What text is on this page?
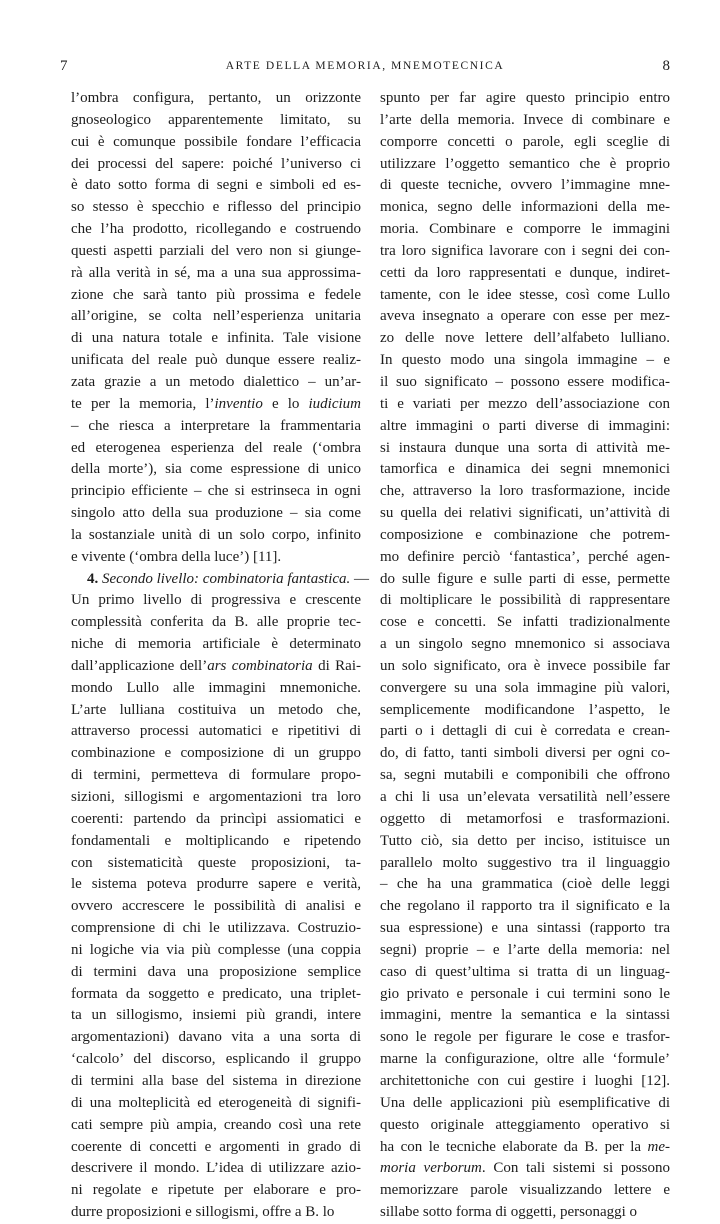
7	ARTE DELLA MEMORIA, MNEMOTECNICA	8
l’ombra configura, pertanto, un orizzonte
gnoseologico apparentemente limitato, su
cui è comunque possibile fondare l’efficacia
dei processi del sapere: poiché l’universo ci
è dato sotto forma di segni e simboli ed es-
so stesso è specchio e riflesso del principio
che l’ha prodotto, ricollegando e costruendo
questi aspetti parziali del vero non si giunge-
rà alla verità in sé, ma a una sua approssima-
zione che sarà tanto più prossima e fedele
all’origine, se colta nell’esperienza unitaria
di una natura totale e infinita. Tale visione
unificata del reale può dunque essere realiz-
zata grazie a un metodo dialettico – un’ar-
te per la memoria, l’inventio e lo iudicium
– che riesca a interpretare la frammentaria
ed eterogenea esperienza del reale (‘ombra
della morte’), sia come espressione di unico
principio efficiente – che si estrinseca in ogni
singolo atto della sua produzione – sia come
la sostanziale unità di un solo corpo, infinito
e vivente (‘ombra della luce’) [11].
4. Secondo livello: combinatoria fantastica. —
Un primo livello di progressiva e crescente
complessità conferita da B. alle proprie tec-
niche di memoria artificiale è determinato
dall’applicazione dell’ars combinatoria di Rai-
mondo Lullo alle immagini mnemoniche.
L’arte lulliana costituiva un metodo che,
attraverso processi automatici e ripetitivi di
combinazione e composizione di un gruppo
di termini, permetteva di formulare propo-
sizioni, sillogismi e argomentazioni tra loro
coerenti: partendo da princìpi assiomatici e
fondamentali e moltiplicando e ripetendo
con sistematicità queste proposizioni, ta-
le sistema poteva produrre sapere e verità,
ovvero accrescere le possibilità di analisi e
comprensione di chi le utilizzava. Costruzio-
ni logiche via via più complesse (una coppia
di termini dava una proposizione semplice
formata da soggetto e predicato, una triplet-
ta un sillogismo, insiemi più grandi, intere
argomentazioni) davano vita a una sorta di
‘calcolo’ del discorso, esplicando il gruppo
di termini alla base del sistema in direzione
di una molteplicità ed eterogeneità di signifi-
cati sempre più ampia, creando così una rete
coerente di concetti e argomenti in grado di
descrivere il mondo. L’idea di utilizzare azio-
ni regolate e ripetute per elaborare e pro-
durre proposizioni e sillogismi, offre a B. lo
spunto per far agire questo principio entro
l’arte della memoria. Invece di combinare e
comporre concetti o parole, egli sceglie di
utilizzare l’oggetto semantico che è proprio
di queste tecniche, ovvero l’immagine mne-
monica, segno delle informazioni della me-
moria. Combinare e comporre le immagini
tra loro significa lavorare con i segni dei con-
cetti da loro rappresentati e dunque, indiret-
tamente, con le idee stesse, così come Lullo
aveva insegnato a operare con esse per mez-
zo delle nove lettere dell’alfabeto lulliano.
In questo modo una singola immagine – e
il suo significato – possono essere modifica-
ti e variati per mezzo dell’associazione con
altre immagini o parti diverse di immagini:
si instaura dunque una sorta di attività me-
tamorfica e dinamica dei segni mnemonici
che, attraverso la loro trasformazione, incide
su quella dei relativi significati, un’attività di
composizione e combinazione che potrem-
mo definire perciò ‘fantastica’, perché agen-
do sulle figure e sulle parti di esse, permette
di moltiplicare le possibilità di rappresentare
cose e concetti. Se infatti tradizionalmente
a un singolo segno mnemonico si associava
un solo significato, ora è invece possibile far
convergere su una sola immagine più valori,
semplicemente modificandone l’aspetto, le
parti o i dettagli di cui è corredata e crean-
do, di fatto, tanti simboli diversi per ogni co-
sa, segni mutabili e componibili che offrono
a chi li usa un’elevata versatilità nell’essere
oggetto di metamorfosi e trasformazioni.
Tutto ciò, sia detto per inciso, istituisce un
parallelo molto suggestivo tra il linguaggio
– che ha una grammatica (cioè delle leggi
che regolano il rapporto tra il significato e la
sua espressione) e una sintassi (rapporto tra
segni) proprie – e l’arte della memoria: nel
caso di quest’ultima si tratta di un linguag-
gio privato e personale i cui termini sono le
immagini, mentre la semantica e la sintassi
sono le regole per figurare le cose e trasfor-
marne la configurazione, oltre alle ‘formule’
architettoniche con cui gestire i luoghi [12].
Una delle applicazioni più esemplificative di
questo originale atteggiamento operativo si
ha con le tecniche elaborate da B. per la me-
moria verborum. Con tali sistemi si possono
memorizzare parole visualizzando lettere e
sillabe sotto forma di oggetti, personaggi o
